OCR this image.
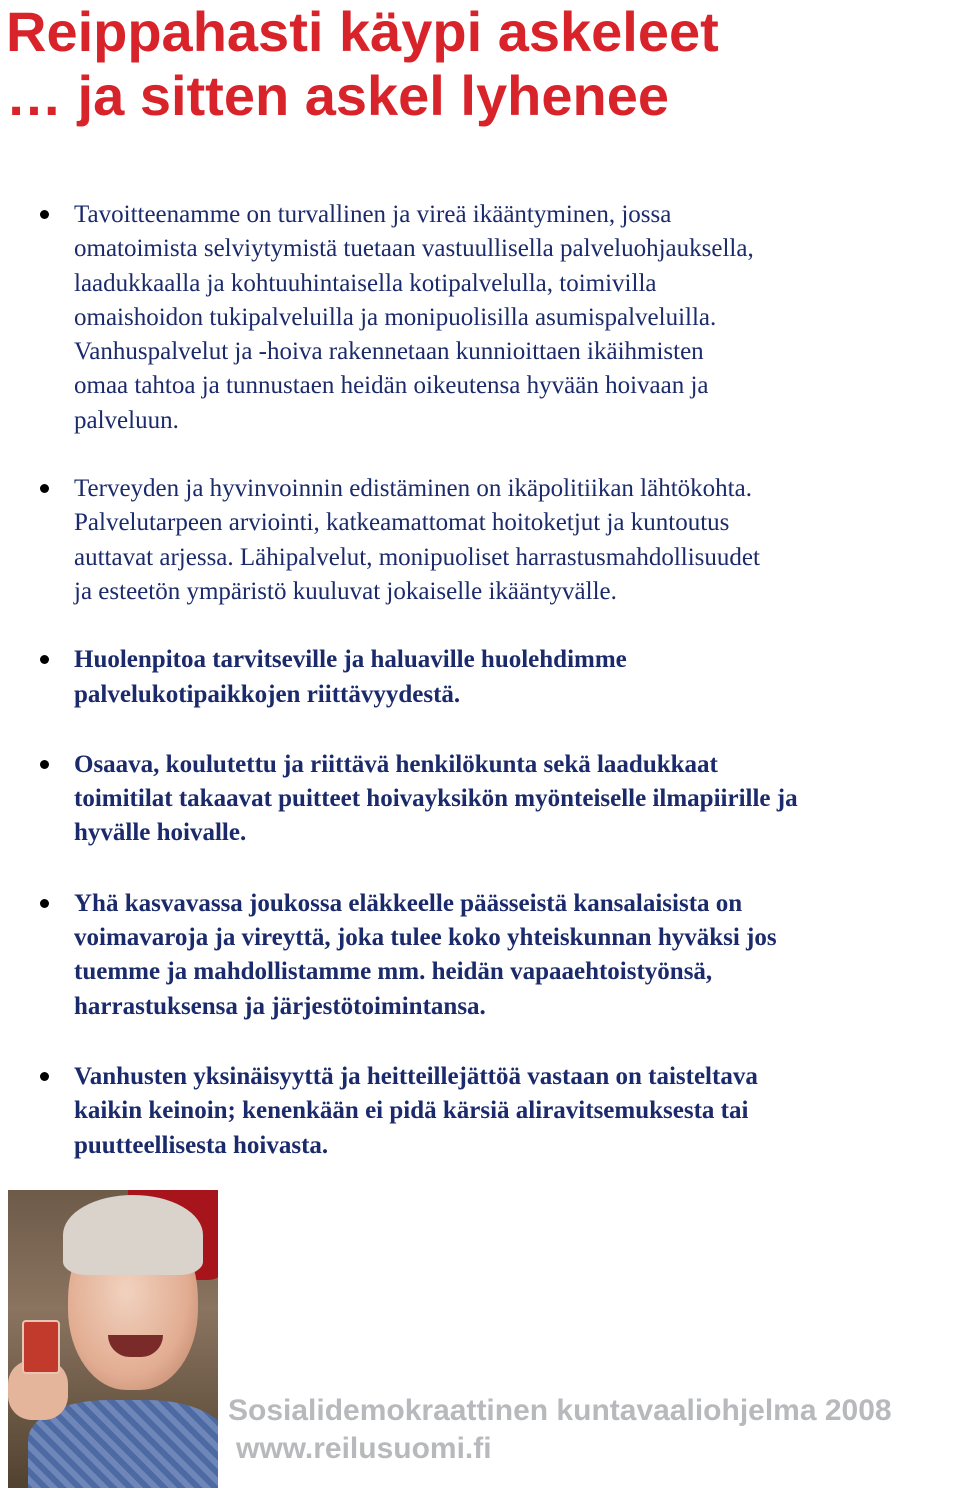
Reippahasti käypi askeleet
… ja sitten askel lyhenee
Tavoitteenamme on turvallinen ja vireä ikääntyminen, jossa
omatoimista selviytymistä tuetaan vastuullisella palveluohjauksella,
laadukkaalla ja kohtuuhintaisella kotipalvelulla, toimivilla
omaishoidon tukipalveluilla ja monipuolisilla asumispalveluilla.
Vanhuspalvelut ja -hoiva rakennetaan kunnioittaen ikäihmisten
omaa tahtoa ja tunnustaen heidän oikeutensa hyvään hoivaan ja
palveluun.
Terveyden ja hyvinvoinnin edistäminen on ikäpolitiikan lähtökohta.
Palvelutarpeen arviointi, katkeamattomat hoitoketjut ja kuntoutus
auttavat arjessa. Lähipalvelut, monipuoliset harrastusmahdollisuudet
ja esteetön ympäristö kuuluvat jokaiselle ikääntyvälle.
Huolenpitoa tarvitseville ja haluaville huolehdimme
palvelukotipaikkojen riittävyydestä.
Osaava, koulutettu ja riittävä henkilökunta sekä laadukkaat
toimitilat takaavat puitteet hoivayksikön myönteiselle ilmapiirille ja
hyvälle hoivalle.
Yhä kasvavassa joukossa eläkkeelle päässeistä kansalaisista on
voimavaroja ja vireyttä, joka tulee koko yhteiskunnan hyväksi jos
tuemme ja mahdollistamme mm. heidän vapaaehtoistyönsä,
harrastuksensa ja järjestötoimintansa.
Vanhusten yksinäisyyttä ja heitteillejättöä vastaan on taisteltava
kaikin keinoin; kenenkään ei pidä kärsiä aliravitsemuksesta tai
puutteellisesta hoivasta.

Sosialidemokraattinen kuntavaaliohjelma 2008
www.reilusuomi.fi
